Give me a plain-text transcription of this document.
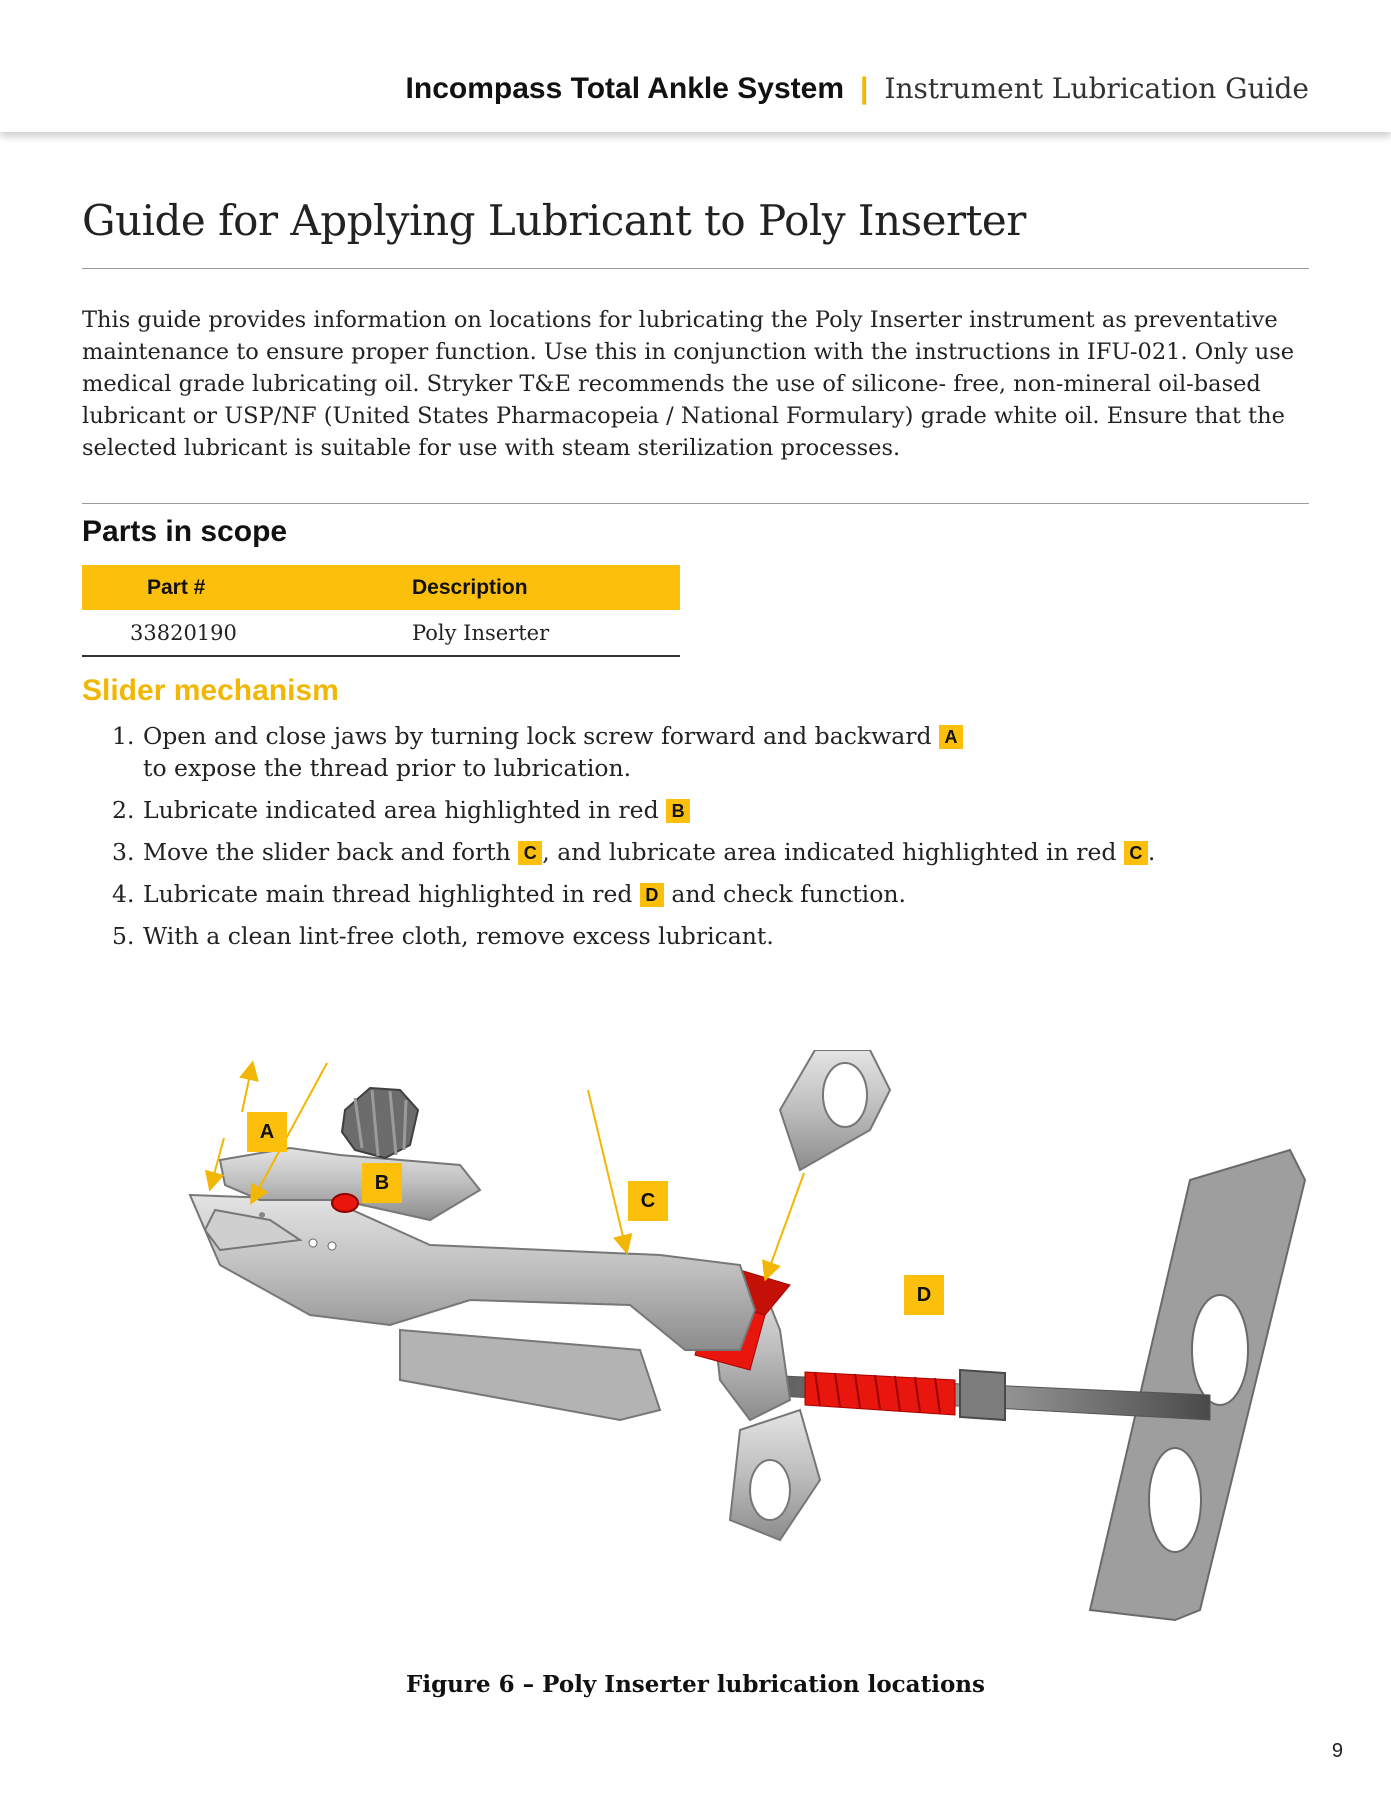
Incompass Total Ankle System | Instrument Lubrication Guide
Guide for Applying Lubricant to Poly Inserter

This guide provides information on locations for lubricating the Poly Inserter instrument as preventative maintenance to ensure proper function. Use this in conjunction with the instructions in IFU-021. Only use medical grade lubricating oil. Stryker T&E recommends the use of silicone- free, non-mineral oil-based lubricant or USP/NF (United States Pharmacopeia / National Formulary) grade white oil. Ensure that the selected lubricant is suitable for use with steam sterilization processes.

Parts in scope
Part #	Description
33820190	Poly Inserter
Slider mechanism
1. Open and close jaws by turning lock screw forward and backward A
to expose the thread prior to lubrication.
2. Lubricate indicated area highlighted in red B
3. Move the slider back and forth C , and lubricate area indicated highlighted in red C .
4. Lubricate main thread highlighted in red D and check function.
5. With a clean lint-free cloth, remove excess lubricant.
A
B
C
D

Figure 6 – Poly Inserter lubrication locations

9
